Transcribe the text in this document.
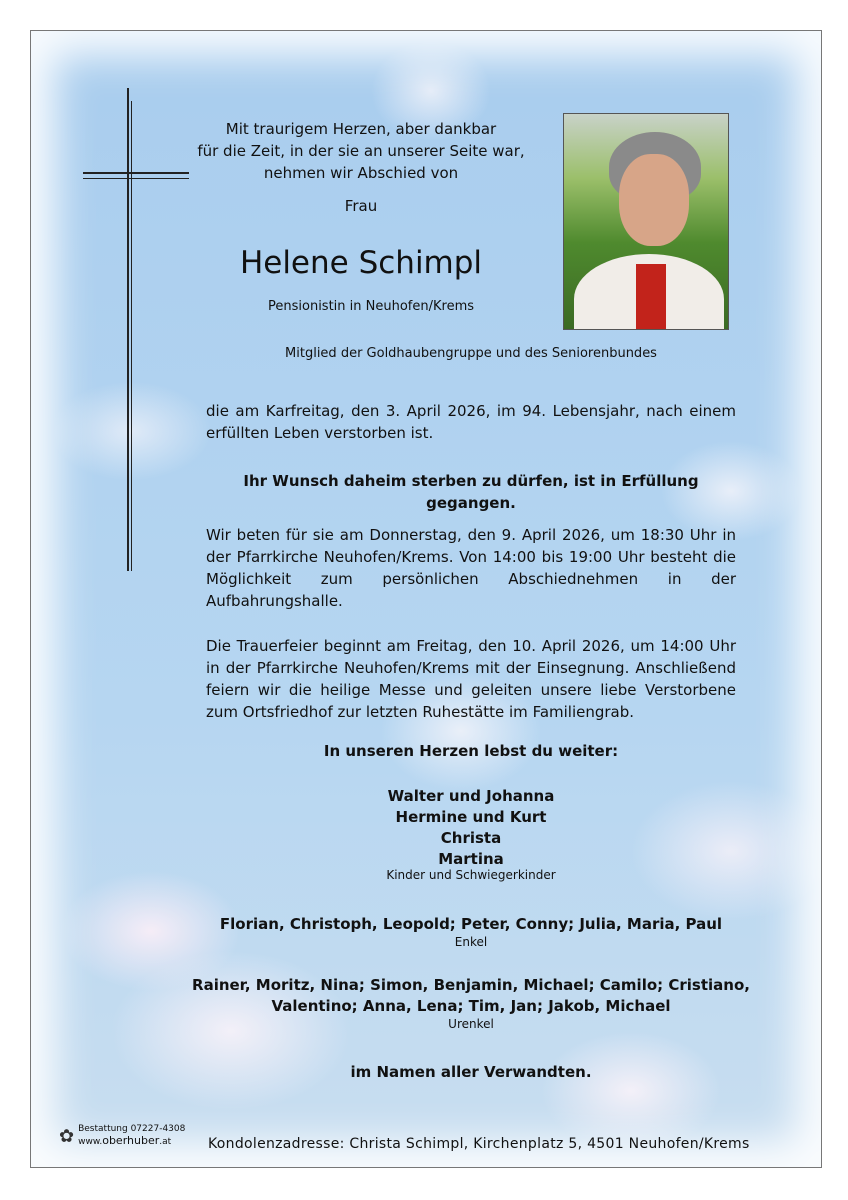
Mit traurigem Herzen, aber dankbar
für die Zeit, in der sie an unserer Seite war,
nehmen wir Abschied von
Frau
Helene Schimpl
Pensionistin in Neuhofen/Krems
Mitglied der Goldhaubengruppe und des Seniorenbundes
die am Karfreitag, den 3. April 2026, im 94. Lebensjahr, nach einem erfüllten Leben verstorben ist.
Ihr Wunsch daheim sterben zu dürfen, ist in Erfüllung gegangen.
Wir beten für sie am Donnerstag, den 9. April 2026, um 18:30 Uhr in der Pfarrkirche Neuhofen/Krems. Von 14:00 bis 19:00 Uhr besteht die Möglichkeit zum persönlichen Abschiednehmen in der Aufbahrungshalle.
Die Trauerfeier beginnt am Freitag, den 10. April 2026, um 14:00 Uhr in der Pfarrkirche Neuhofen/Krems mit der Einsegnung. Anschließend feiern wir die heilige Messe und geleiten unsere liebe Verstorbene zum Ortsfriedhof zur letzten Ruhestätte im Familiengrab.
In unseren Herzen lebst du weiter:
Walter und Johanna
Hermine und Kurt
Christa
Martina
Kinder und Schwiegerkinder
Florian, Christoph, Leopold; Peter, Conny; Julia, Maria, Paul
Enkel
Rainer, Moritz, Nina; Simon, Benjamin, Michael; Camilo; Cristiano,
Valentino; Anna, Lena; Tim, Jan; Jakob, Michael
Urenkel
im Namen aller Verwandten.
✿ Bestattung 07227-4308
www.oberhuber.at	Kondolenzadresse: Christa Schimpl, Kirchenplatz 5, 4501 Neuhofen/Krems
